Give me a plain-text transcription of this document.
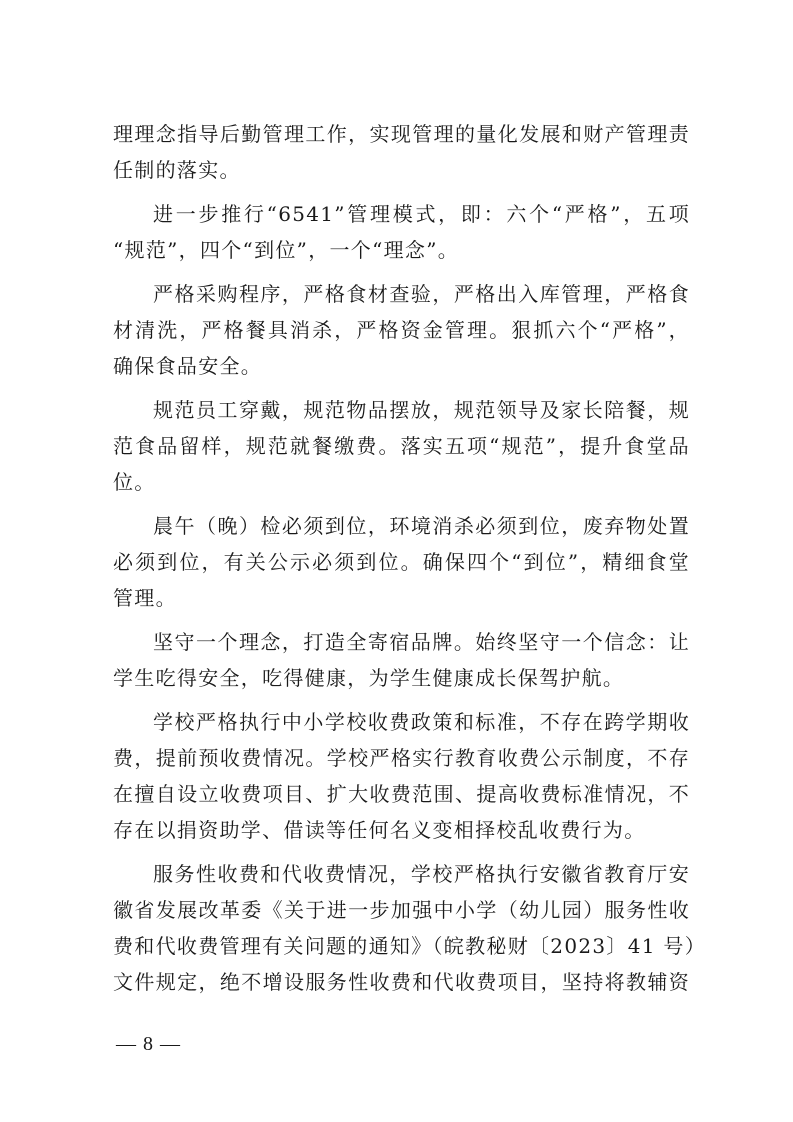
理理念指导后勤管理工作，实现管理的量化发展和财产管理责
任制的落实。
进一步推行“6541”管理模式，即：六个“严格”，五项
“规范”，四个“到位”，一个“理念”。
严格采购程序，严格食材查验，严格出入库管理，严格食
材清洗，严格餐具消杀，严格资金管理。狠抓六个“严格”，
确保食品安全。
规范员工穿戴，规范物品摆放，规范领导及家长陪餐，规
范食品留样，规范就餐缴费。落实五项“规范”，提升食堂品
位。
晨午（晚）检必须到位，环境消杀必须到位，废弃物处置
必须到位，有关公示必须到位。确保四个“到位”，精细食堂
管理。
坚守一个理念，打造全寄宿品牌。始终坚守一个信念：让
学生吃得安全，吃得健康，为学生健康成长保驾护航。
学校严格执行中小学校收费政策和标准，不存在跨学期收
费，提前预收费情况。学校严格实行教育收费公示制度，不存
在擅自设立收费项目、扩大收费范围、提高收费标准情况，不
存在以捐资助学、借读等任何名义变相择校乱收费行为。
服务性收费和代收费情况，学校严格执行安徽省教育厅安
徽省发展改革委《关于进一步加强中小学（幼儿园）服务性收
费和代收费管理有关问题的通知》（皖教秘财〔2023〕41 号）
文件规定，绝不增设服务性收费和代收费项目，坚持将教辅资
— 8 —
